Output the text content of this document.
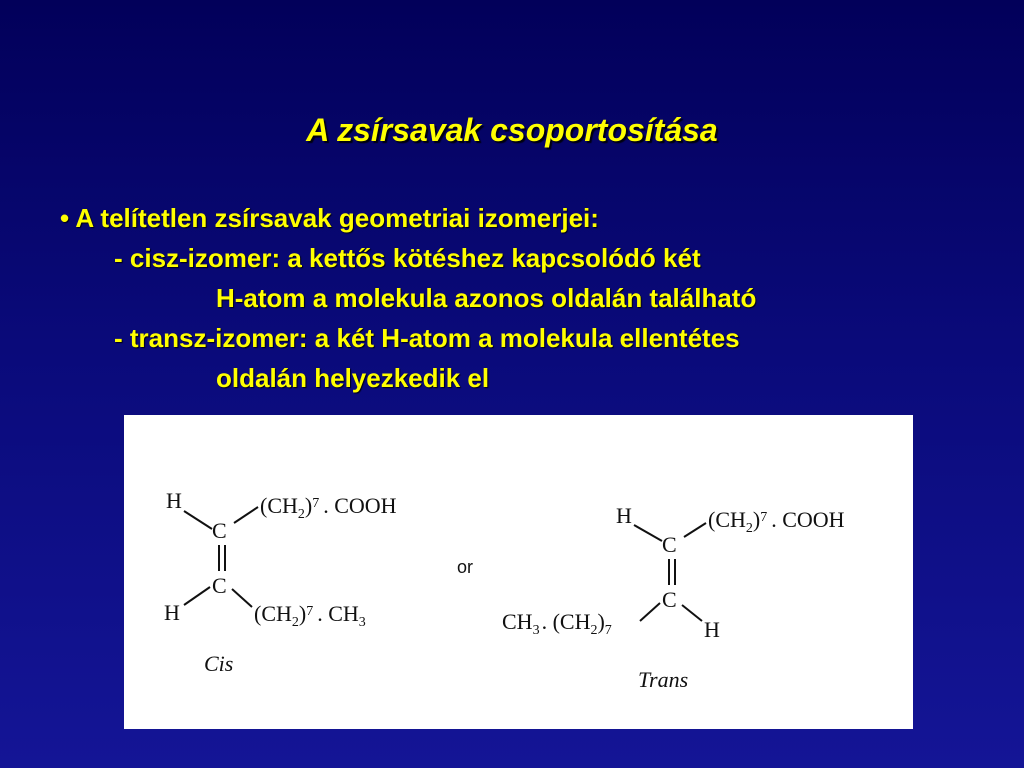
A zsírsavak csoportosítása
• A telítetlen zsírsavak geometriai izomerjei:
- cisz-izomer: a kettős kötéshez kapcsolódó két
H-atom a molekula azonos oldalán található
- transz-izomer: a két H-atom a molekula ellentétes
oldalán helyezkedik el
H
C
$(CH_2)^7$ . COOH
C
H	$(CH_2)^7$ . $CH_3$
Cis
or
H
C
$(CH_2)^7$ . COOH
C
$CH_3$. $(CH_2)_7$	H
Trans
